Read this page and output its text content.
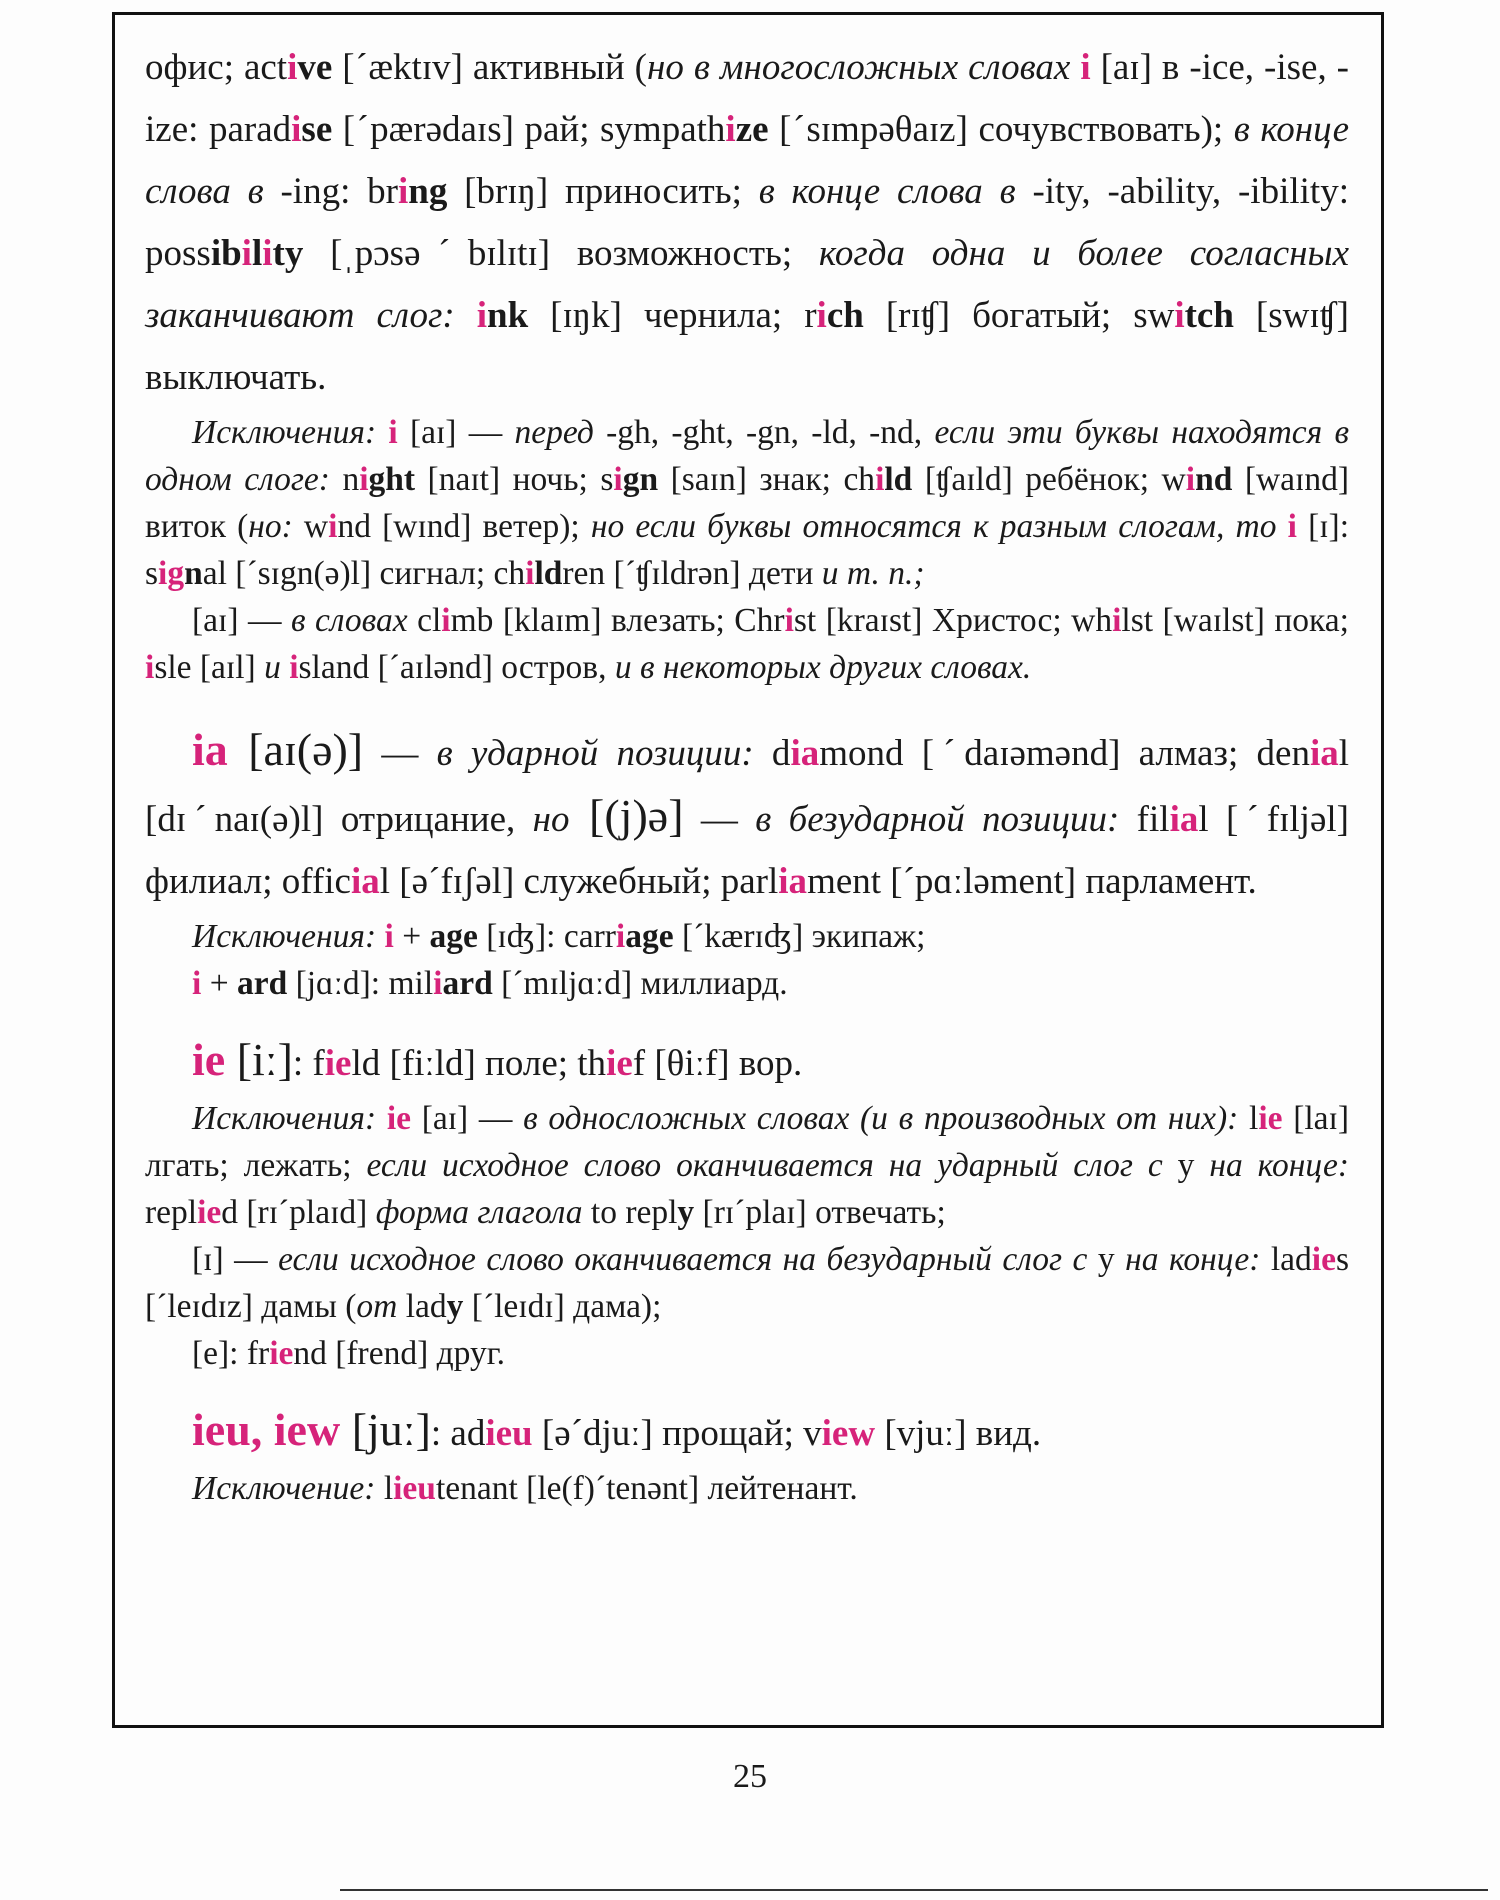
офис; active [ˊæktɪv] активный (но в многосложных словах i [aɪ] в -ice, -ise, -ize: paradise [ˊpærədaɪs] рай; sympathize [ˊsɪmpəθaɪz] сочувствовать); в конце слова в -ing: bring [brɪŋ] приносить; в конце слова в -ity, -ability, -ibility: possibility [ˌpɔsəˊbɪlɪtɪ] возможность; когда одна и более согласных заканчивают слог: ink [ɪŋk] чернила; rich [rɪʧ] богатый; switch [swɪʧ] выключать.

Исключения: i [aɪ] — перед -gh, -ght, -gn, -ld, -nd, если эти буквы находятся в одном слоге: night [naɪt] ночь; sign [saɪn] знак; child [ʧaɪld] ребёнок; wind [waɪnd] виток (но: wind [wɪnd] ветер); но если буквы относятся к разным слогам, то i [ɪ]: signal [ˊsɪgn(ə)l] сигнал; children [ˊʧɪldrən] дети и т. п.;

[aɪ] — в словах climb [klaɪm] влезать; Christ [kraɪst] Христос; whilst [waɪlst] пока; isle [aɪl] и island [ˊaɪlənd] остров, и в некоторых других словах.

ia [aɪ(ə)] — в ударной позиции: diamond [ˊdaɪəmənd] алмаз; denial [dɪˊnaɪ(ə)l] отрицание, но [(j)ə] — в безударной позиции: filial [ˊfɪljəl] филиал; official [əˊfɪʃəl] служебный; parliament [ˊpɑːləment] парламент.

Исключения: i + age [ɪʤ]: carriage [ˊkærɪʤ] экипаж;

i + ard [jɑːd]: miliard [ˊmɪljɑːd] миллиард.

ie [iː]: field [fiːld] поле; thief [θiːf] вор.

Исключения: ie [aɪ] — в односложных словах (и в производных от них): lie [laɪ] лгать; лежать; если исходное слово оканчивается на ударный слог с y на конце: replied [rɪˊplaɪd] форма глагола to reply [rɪˊplaɪ] отвечать;

[ɪ] — если исходное слово оканчивается на безударный слог с y на конце: ladies [ˊleɪdɪz] дамы (от lady [ˊleɪdɪ] дама);

[e]: friend [frend] друг.

ieu, iew [juː]: adieu [əˊdjuː] прощай; view [vjuː] вид.

Исключение: lieutenant [le(f)ˊtenənt] лейтенант.

25
